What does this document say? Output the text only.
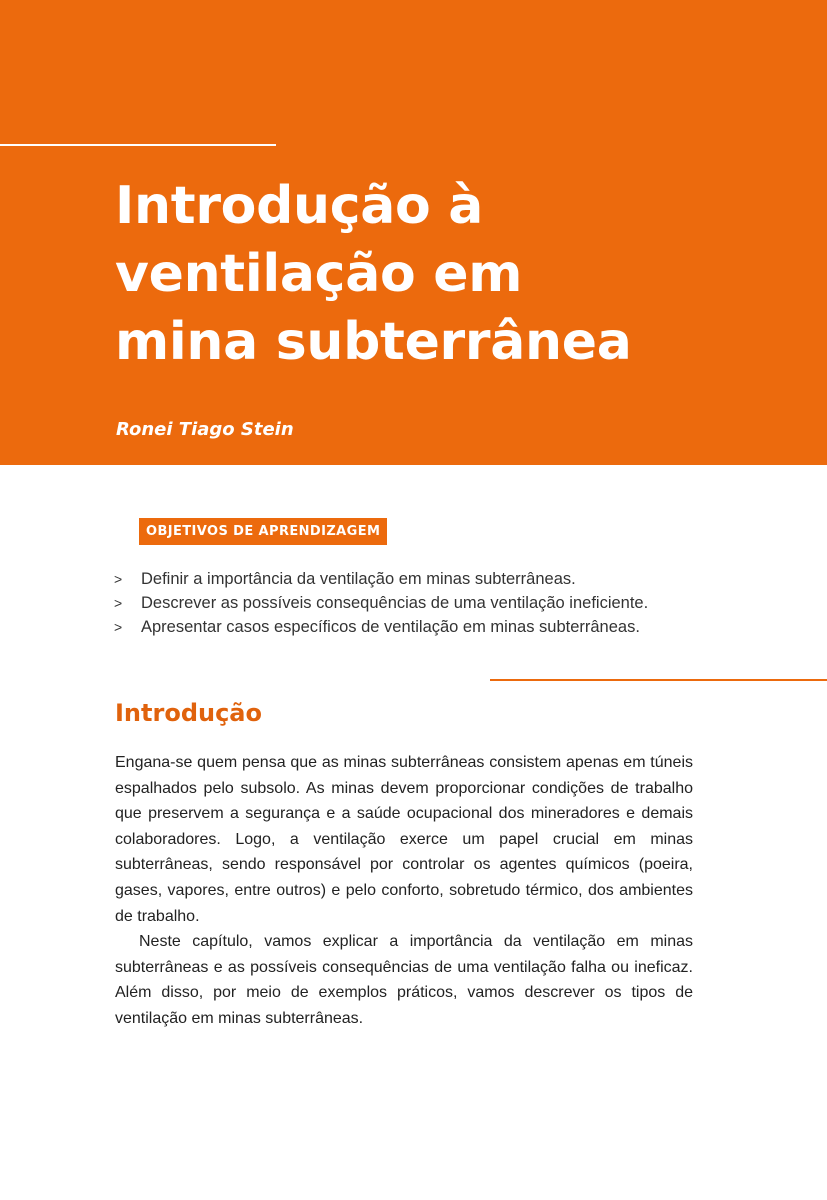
Introdução à
ventilação em
mina subterrânea
Ronei Tiago Stein
OBJETIVOS DE APRENDIZAGEM
> Definir a importância da ventilação em minas subterrâneas.
> Descrever as possíveis consequências de uma ventilação ineficiente.
> Apresentar casos específicos de ventilação em minas subterrâneas.
Introdução

Engana-se quem pensa que as minas subterrâneas consistem apenas em túneis espalhados pelo subsolo. As minas devem proporcionar condições de trabalho que preservem a segurança e a saúde ocupacional dos mineradores e demais colaboradores. Logo, a ventilação exerce um papel crucial em minas subterrâneas, sendo responsável por controlar os agentes químicos (poeira, gases, vapores, entre outros) e pelo conforto, sobretudo térmico, dos ambientes de trabalho.

Neste capítulo, vamos explicar a importância da ventilação em minas subterrâneas e as possíveis consequências de uma ventilação falha ou ineficaz. Além disso, por meio de exemplos práticos, vamos descrever os tipos de ventilação em minas subterrâneas.
